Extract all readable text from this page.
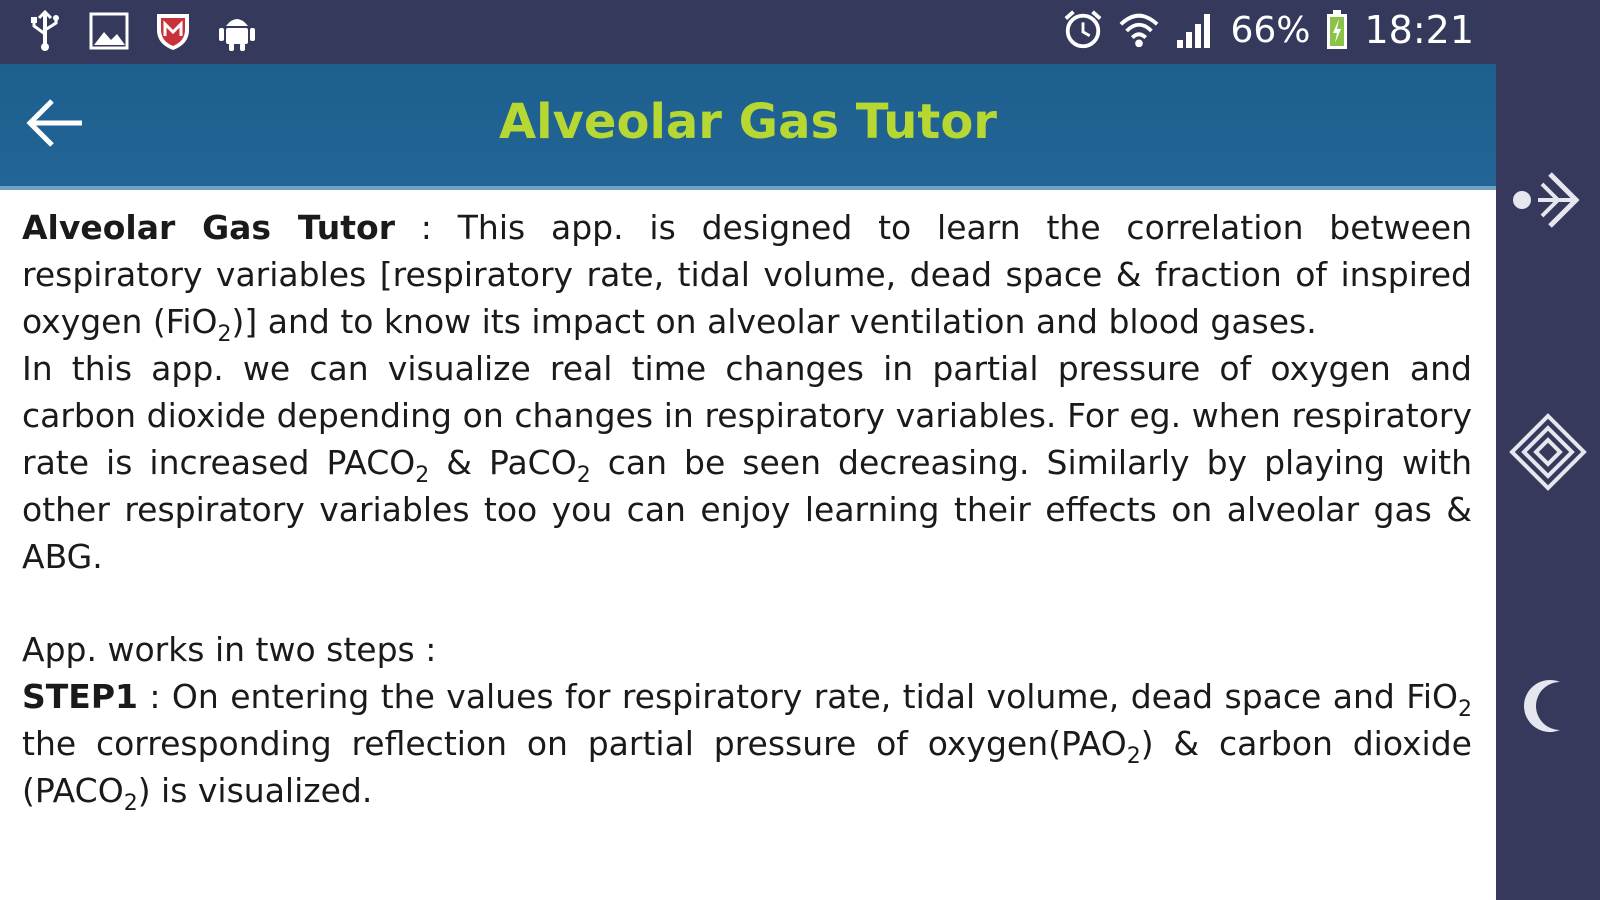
66% 18:21
Alveolar Gas Tutor

Alveolar Gas Tutor : This app. is designed to learn the correlation between respiratory variables [respiratory rate, tidal volume, dead space & fraction of inspired oxygen (FiO$_2$)] and to know its impact on alveolar ventilation and blood gases.

In this app. we can visualize real time changes in partial pressure of oxygen and carbon dioxide depending on changes in respiratory variables. For eg. when respiratory rate is increased $PACO_2$ & PaCO$_2$ can be seen decreasing. Similarly by playing with other respiratory variables too you can enjoy learning their effects on alveolar gas & ABG.

App. works in two steps :

STEP1 : On entering the values for respiratory rate, tidal volume, dead space and FiO$_2$ the corresponding reflection on partial pressure of $oxygen(PAO_2)$ & carbon dioxide $(PACO_2)$ is visualized.
